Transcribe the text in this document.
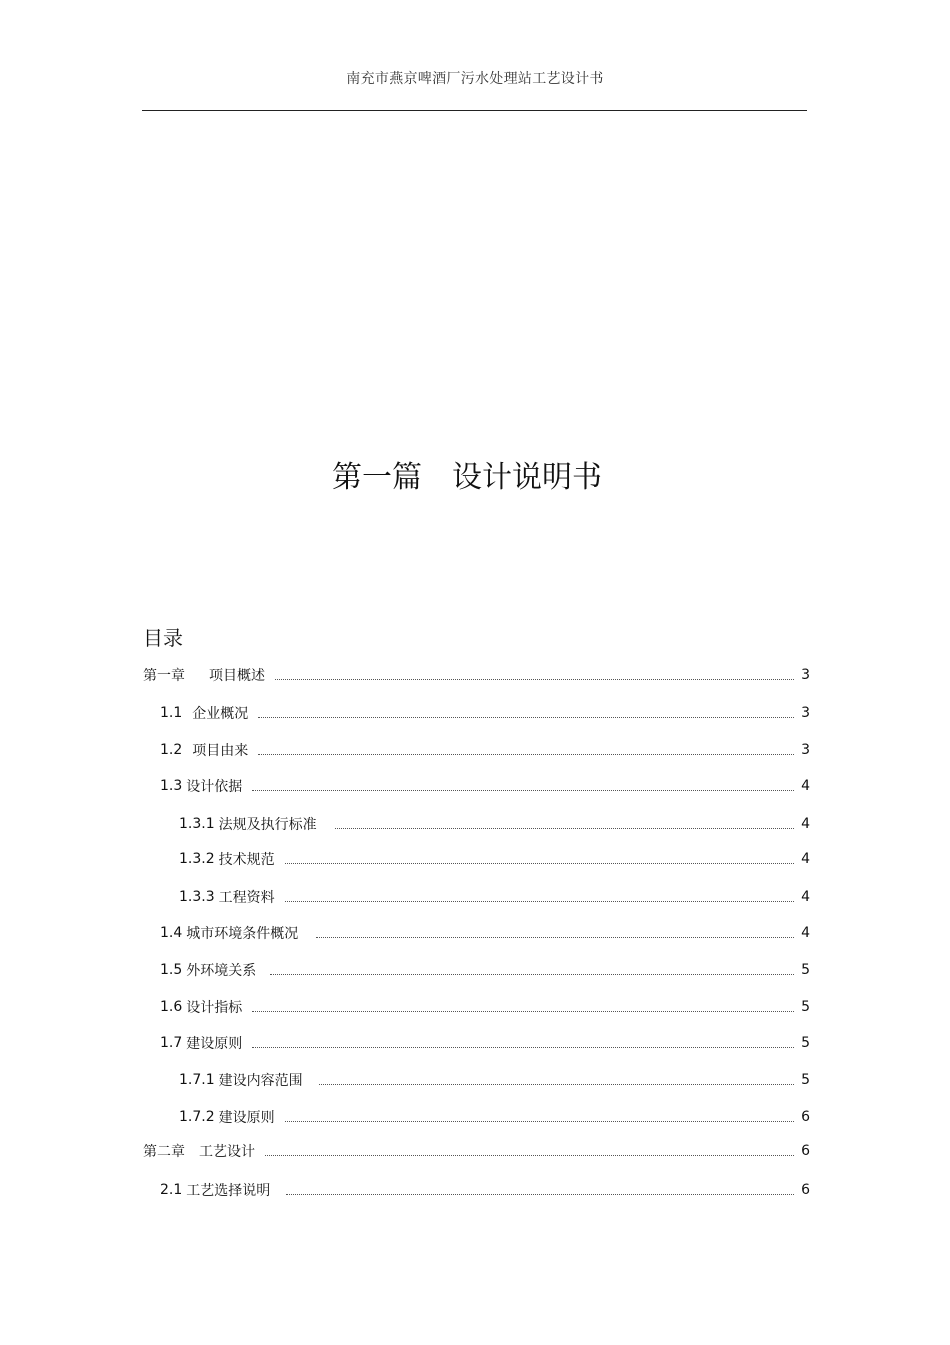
南充市燕京啤酒厂污水处理站工艺设计书
第一篇　设计说明书
目录
第一章 项目概述	3
1.1 企业概况	3
1.2 项目由来	3
1.3 设计依据	4
1.3.1 法规及执行标准	4
1.3.2 技术规范	4
1.3.3 工程资料	4
1.4 城市环境条件概况	4
1.5 外环境关系	5
1.6 设计指标	5
1.7 建设原则	5
1.7.1 建设内容范围	5
1.7.2 建设原则	6
第二章 工艺设计	6
2.1 工艺选择说明	6
